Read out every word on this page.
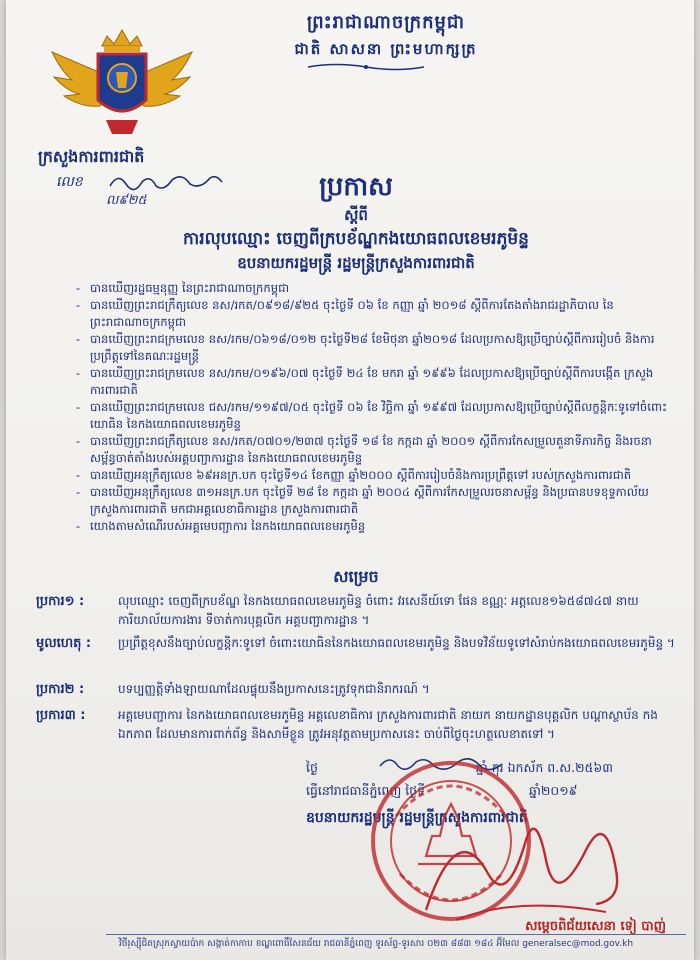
ព្រះរាជាណាចក្រកម្ពុជា
ជាតិ សាសនា ព្រះមហាក្សត្រ
ក្រសួងការពារជាតិ
លេខ
ល៩២៥	ប្រកាស
ស្តីពី
ការលុបឈ្មោះ ចេញពីក្របខ័ណ្ឌកងយោធពលខេមរភូមិន្ទ
ឧបនាយករដ្ឋមន្ត្រី រដ្ឋមន្ត្រីក្រសួងការពារជាតិ
- បានឃើញរដ្ឋធម្មនុញ្ញ នៃព្រះរាជាណាចក្រកម្ពុជា
- បានឃើញព្រះរាជក្រឹត្យលេខ នស/រកត/០៩១៨/៩២៥ ចុះថ្ងៃទី ០៦ ខែ កញ្ញា ឆ្នាំ ២០១៨ ស្តីពីការតែងតាំងរាជរដ្ឋាភិបាល នៃព្រះរាជាណាចក្រកម្ពុជា
- បានឃើញព្រះរាជក្រមលេខ នស/រកម/០៦១៨/០១២ ចុះថ្ងៃទី២៨ ខែមិថុនា ឆ្នាំ២០១៨ ដែលប្រកាសឱ្យប្រើច្បាប់ស្តីពីការរៀបចំ និងការប្រព្រឹត្តទៅនៃគណៈរដ្ឋមន្ត្រី
- បានឃើញព្រះរាជក្រមលេខ នស/រកម/០១៩៦/០៧ ចុះថ្ងៃទី ២៤ ខែ មករា ឆ្នាំ ១៩៩៦ ដែលប្រកាសឱ្យប្រើច្បាប់ស្តីពីការបង្កើត ក្រសួងការពារជាតិ
- បានឃើញព្រះរាជក្រមលេខ ជស/រកម/១១៩៧/០៥ ចុះថ្ងៃទី ០៦ ខែ វិច្ឆិកា ឆ្នាំ ១៩៩៧ ដែលប្រកាសឱ្យប្រើច្បាប់ស្តីពីលក្ខន្តិកៈទូទៅចំពោះយោធិន នៃកងយោធពលខេមរភូមិន្ទ
- បានឃើញព្រះរាជក្រឹត្យលេខ នស/រកត/០៧០១/២៣៧ ចុះថ្ងៃទី ១៨ ខែ កក្កដា ឆ្នាំ ២០០១ ស្តីពីការកែសម្រួលតួនាទីភារកិច្ច និងរចនាសម្ព័ន្ធចាត់តាំងរបស់អគ្គបញ្ជាការដ្ឋាន នៃកងយោធពលខេមរភូមិន្ទ
- បានឃើញអនុក្រឹត្យលេខ ៦៩អនក្រ.បក ចុះថ្ងៃទី១៤ ខែកញ្ញា ឆ្នាំ២០០០ ស្តីពីការរៀបចំនិងការប្រព្រឹត្តទៅ របស់ក្រសួងការពារជាតិ
- បានឃើញអនុក្រឹត្យលេខ ៣១អនក្រ.បក ចុះថ្ងៃទី ២៨ ខែ កក្កដា ឆ្នាំ ២០០៤ ស្តីពីការកែសម្រួលរចនាសម្ព័ន្ធ និងប្រធានបទខុទ្ទកាល័យ ក្រសួងការពារជាតិ មកជាអគ្គលេខាធិការដ្ឋាន ក្រសួងការពារជាតិ
- យោងតាមសំណើរបស់អគ្គមេបញ្ជាការ នៃកងយោធពលខេមរភូមិន្ទ
សម្រេច
ប្រការ១ :	លុបឈ្មោះ ចេញពីក្របខ័ណ្ឌ នៃកងយោធពលខេមរភូមិន្ទ ចំពោះ វរសេនីយ៍ទោ ផែន ខណ្ណៈ អត្តលេខ១៦៥៨៧៤៧ នាយការិយាល័យការងារ ទីចាត់ការបុគ្គលិក អគ្គបញ្ជាការដ្ឋាន ។
មូលហេតុ :	ប្រព្រឹត្តខុសនឹងច្បាប់លក្ខន្តិកៈទូទៅ ចំពោះយោធិននៃកងយោធពលខេមរភូមិន្ទ និងបទវិន័យទូទៅសំរាប់កងយោធពលខេមរភូមិន្ទ ។
ប្រការ២ :	បទប្បញ្ញត្តិទាំងឡាយណាដែលផ្ទុយនឹងប្រកាសនេះត្រូវទុកជានិរាករណ៍ ។
ប្រការ៣ :	អគ្គមេបញ្ជាការ នៃកងយោធពលខេមរភូមិន្ទ អគ្គលេខាធិការ ក្រសួងការពារជាតិ នាយក នាយកដ្ឋានបុគ្គលិក បណ្ដាស្ថាប័ន កងឯកភាព ដែលមានការពាក់ព័ន្ធ និងសាមីខ្លួន ត្រូវអនុវត្តតាមប្រកាសនេះ ចាប់ពីថ្ងៃចុះហត្ថលេខាតទៅ ។
ថ្ងៃ	ឆ្នាំ កុរ ឯកស័ក ព.ស.២៥៦៣
ធ្វើនៅរាជធានីភ្នំពេញ ថ្ងៃទី	ឆ្នាំ២០១៩
ឧបនាយករដ្ឋមន្ត្រី រដ្ឋមន្ត្រីក្រសួងការពារជាតិ
សម្តេចពិជ័យសេនា ទៀ បាញ់
វិថីរុស្ស៊ីជិតស្រុកស្វាយប៉ាក សង្កាត់កាកាប ខណ្ឌពោធិ៍សែនជ័យ រាជធានីភ្នំពេញ ទូរស័ព្ទ-ទូរសារ ០២៣ ៨៨៣ ១៨៤ អ៊ីមែល generalsec@mod.gov.kh
